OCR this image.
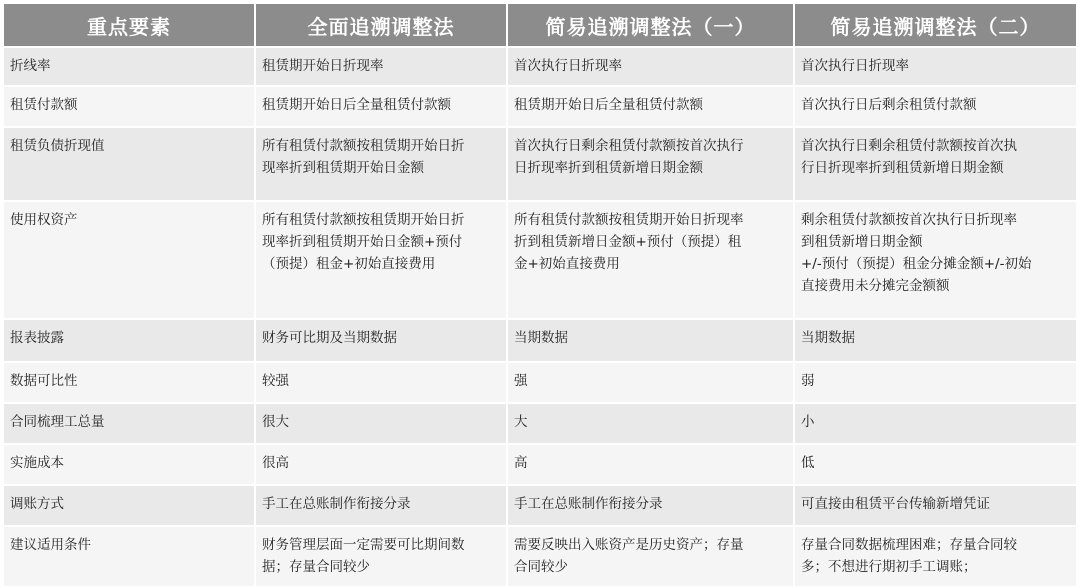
重点要素	全面追溯调整法	简易追溯调整法（一）	简易追溯调整法（二）

折线率	租赁期开始日折现率	首次执行日折现率	首次执行日折现率

租赁付款额	租赁期开始日后全量租赁付款额	租赁期开始日后全量租赁付款额	首次执行日后剩余租赁付款额

租赁负债折现值	所有租赁付款额按租赁期开始日折
现率折到租赁期开始日金额	首次执行日剩余租赁付款额按首次执行
日折现率折到租赁新增日期金额	首次执行日剩余租赁付款额按首次执
行日折现率折到租赁新增日期金额

使用权资产	所有租赁付款额按租赁期开始日折
现率折到租赁期开始日金额+预付
（预提）租金+初始直接费用	所有租赁付款额按租赁期开始日折现率
折到租赁新增日金额+预付（预提）租
金+初始直接费用	剩余租赁付款额按首次执行日折现率
到租赁新增日期金额
+/-预付（预提）租金分摊金额+/-初始
直接费用未分摊完金额额

报表披露	财务可比期及当期数据	当期数据	当期数据

数据可比性	较强	强	弱

合同梳理工总量	很大	大	小

实施成本	很高	高	低

调账方式	手工在总账制作衔接分录	手工在总账制作衔接分录	可直接由租赁平台传输新增凭证

建议适用条件	财务管理层面一定需要可比期间数
据；存量合同较少	需要反映出入账资产是历史资产；存量
合同较少	存量合同数据梳理困难；存量合同较
多；不想进行期初手工调账；
